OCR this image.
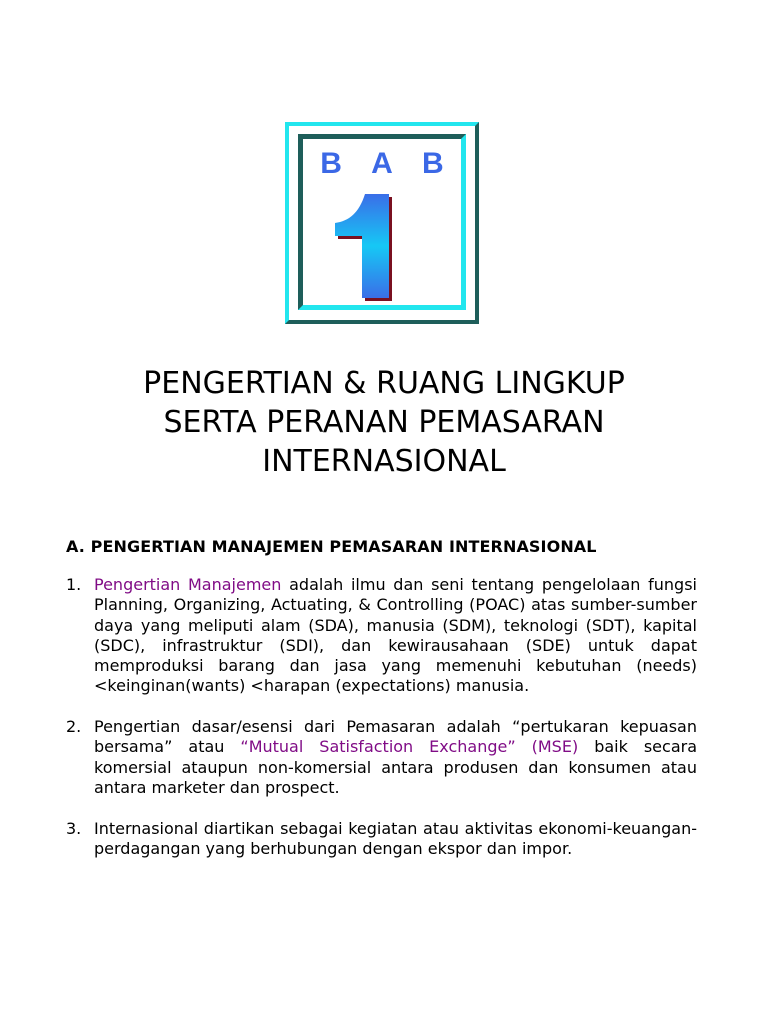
B A B
PENGERTIAN & RUANG LINGKUP
SERTA PERANAN PEMASARAN
INTERNASIONAL
A. PENGERTIAN MANAJEMEN PEMASARAN INTERNASIONAL
1. Pengertian Manajemen adalah ilmu dan seni tentang pengelolaan fungsi Planning, Organizing, Actuating, & Controlling (POAC) atas sumber-sumber daya yang meliputi alam (SDA), manusia (SDM), teknologi (SDT), kapital (SDC), infrastruktur (SDI), dan kewirausahaan (SDE) untuk dapat memproduksi barang dan jasa yang memenuhi kebutuhan (needs)<keinginan(wants) <harapan (expectations) manusia.
2. Pengertian dasar/esensi dari Pemasaran adalah “pertukaran kepuasan bersama” atau “Mutual Satisfaction Exchange” (MSE) baik secara komersial ataupun non-komersial antara produsen dan konsumen atau antara marketer dan prospect.
3. Internasional diartikan sebagai kegiatan atau aktivitas ekonomi-keuangan-perdagangan yang berhubungan dengan ekspor dan impor.
